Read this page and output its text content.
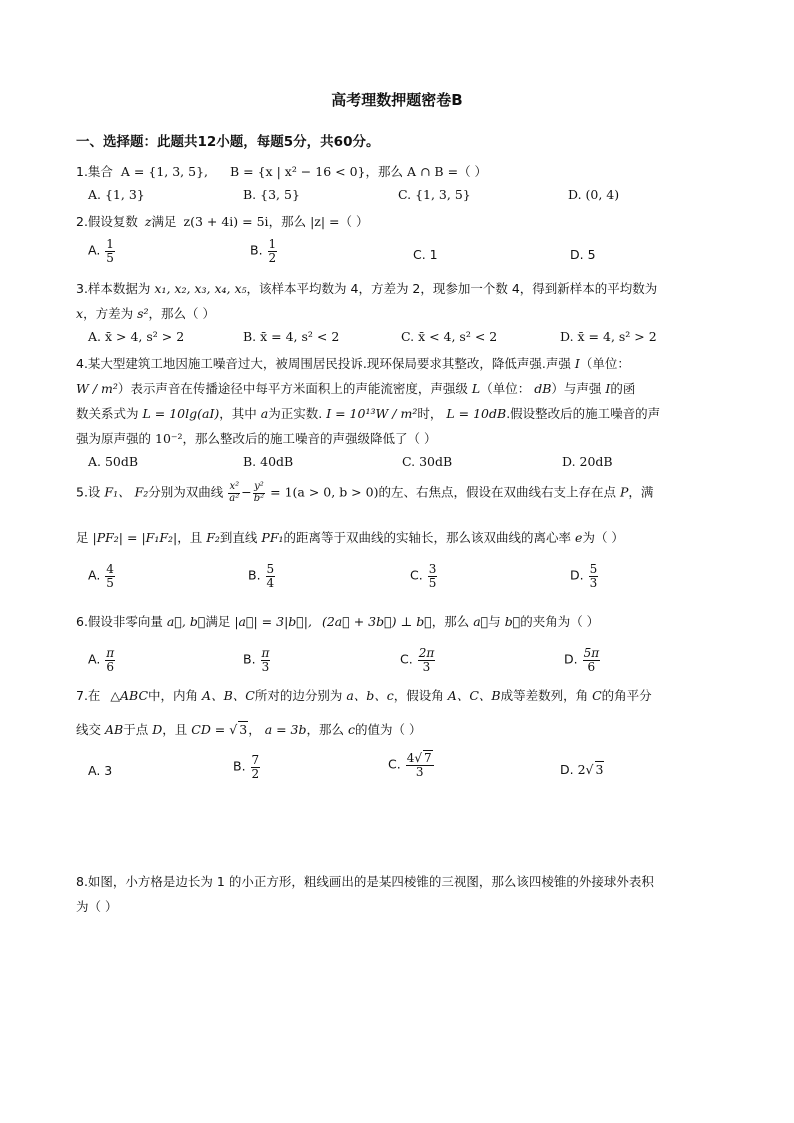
高考理数押题密卷B
一、选择题：此题共12小题，每题5分，共60分。
1.集合 A = {1, 3, 5}, B = {x | x² − 16 < 0}，那么 A ∩ B =（ ）
A. {1, 3}	B. {3, 5}	C. {1, 3, 5}	D. (0, 4)
2.假设复数 z满足 z(3 + 4i) = 5i，那么 |z| =（ ）
A. $\frac{1}{5}$	B. $\frac{1}{2}$	C. 1	D. 5
3.样本数据为 x₁, x₂, x₃, x₄, x₅，该样本平均数为 4，方差为 2，现参加一个数 4，得到新样本的平均数为
x，方差为 s²，那么（ ）
A. x̄ > 4, s² > 2	B. x̄ = 4, s² < 2	C. x̄ < 4, s² < 2	D. x̄ = 4, s² > 2
4.某大型建筑工地因施工噪音过大，被周围居民投诉.现环保局要求其整改，降低声强.声强 I（单位：
W / m²）表示声音在传播途径中每平方米面积上的声能流密度，声强级 L（单位： dB）与声强 I的函
数关系式为 L = 10lg(aI)，其中 a为正实数. I = 10¹³W / m²时， L = 10dB.假设整改后的施工噪音的声
强为原声强的 10⁻²，那么整改后的施工噪音的声强级降低了（ ）
A. 50dB	B. 40dB	C. 30dB	D. 20dB
5.设 F₁、 F₂分别为双曲线 $\frac{\text{x²}}{\text{a²}} - \frac{\text{y²}}{\text{b²}} = 1(a > 0$, b > 0)的左、右焦点，假设在双曲线右支上存在点 P，满
足 |PF₂| = |F₁F₂|，且 F₂到直线 PF₁的距离等于双曲线的实轴长，那么该双曲线的离心率 e为（ ）
A. $\frac{4}{5}$	B. $\frac{5}{4}$	C. $\frac{3}{5}$	D. $\frac{5}{3}$
6.假设非零向量 a⃗, b⃗满足 |a⃗| = 3|b⃗|, (2a⃗ + 3b⃗) ⊥ b⃗，那么 a⃗与 b⃗的夹角为（ ）
A. $\frac{\pi}{6}$	B. $\frac{\pi}{3}$	C. $\frac{2\pi}{3}$	D. $\frac{5\pi}{6}$
7.在 △ABC中，内角 A、B、C所对的边分别为 a、b、c，假设角 A、C、B成等差数列，角 C的角平分
线交 AB于点 D，且 CD = √ 3， a = 3b，那么 c的值为（ ）
A. 3	B. $\frac{7}{2}$	C. $\frac{4√ 7}{3}$	D. 2√ 3
8.如图，小方格是边长为 1 的小正方形，粗线画出的是某四棱锥的三视图，那么该四棱锥的外接球外表积
为（ ）
